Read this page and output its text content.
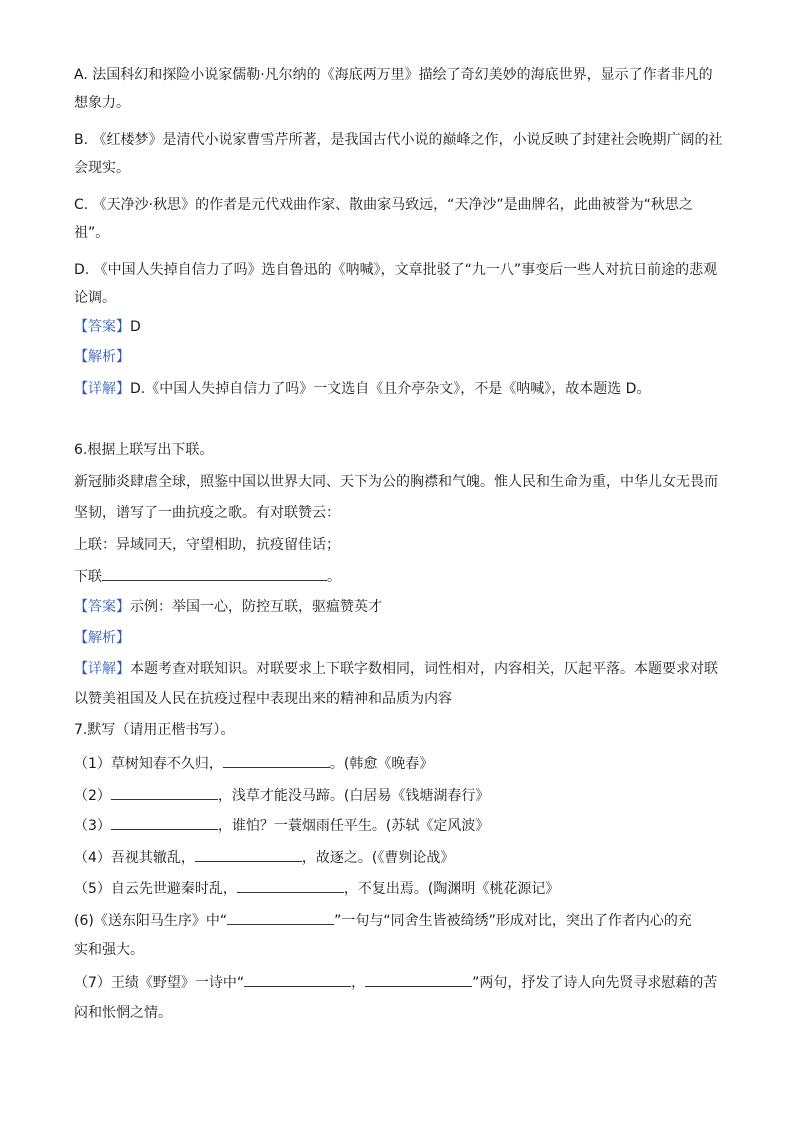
A. 法国科幻和探险小说家儒勒·凡尔纳的《海底两万里》描绘了奇幻美妙的海底世界，显示了作者非凡的
想象力。
B. 《红楼梦》是清代小说家曹雪芹所著，是我国古代小说的巅峰之作，小说反映了封建社会晚期广阔的社
会现实。
C. 《天净沙·秋思》的作者是元代戏曲作家、散曲家马致远，“天净沙”是曲牌名，此曲被誉为“秋思之
祖”。
D. 《中国人失掉自信力了吗》选自鲁迅的《呐喊》，文章批驳了“九一八”事变后一些人对抗日前途的悲观
论调。
【答案】D
【解析】
【详解】D.《中国人失掉自信力了吗》一文选自《且介亭杂文》，不是《呐喊》，故本题选 D。
6.根据上联写出下联。
新冠肺炎肆虐全球，照鉴中国以世界大同、天下为公的胸襟和气魄。惟人民和生命为重，中华儿女无畏而
坚韧，谱写了一曲抗疫之歌。有对联赞云：
上联：异域同天，守望相助，抗疫留佳话；
下联	。
【答案】示例：举国一心，防控互联，驱瘟赞英才
【解析】
【详解】本题考查对联知识。对联要求上下联字数相同，词性相对，内容相关，仄起平落。本题要求对联
以赞美祖国及人民在抗疫过程中表现出来的精神和品质为内容
7.默写（请用正楷书写）。
（1）草树知春不久归，	。(韩愈《晚春》
（2）	，浅草才能没马蹄。(白居易《钱塘湖春行》
（3）	，谁怕？一蓑烟雨任平生。(苏轼《定风波》
（4）吾视其辙乱，	，故逐之。(《曹刿论战》
（5）自云先世避秦时乱，	，不复出焉。(陶渊明《桃花源记》
(6)《送东阳马生序》中“	”一句与“同舍生皆被绮绣”形成对比，突出了作者内心的充
实和强大。
（7）王绩《野望》一诗中“	，	”两句，抒发了诗人向先贤寻求慰藉的苦
闷和怅惘之情。
